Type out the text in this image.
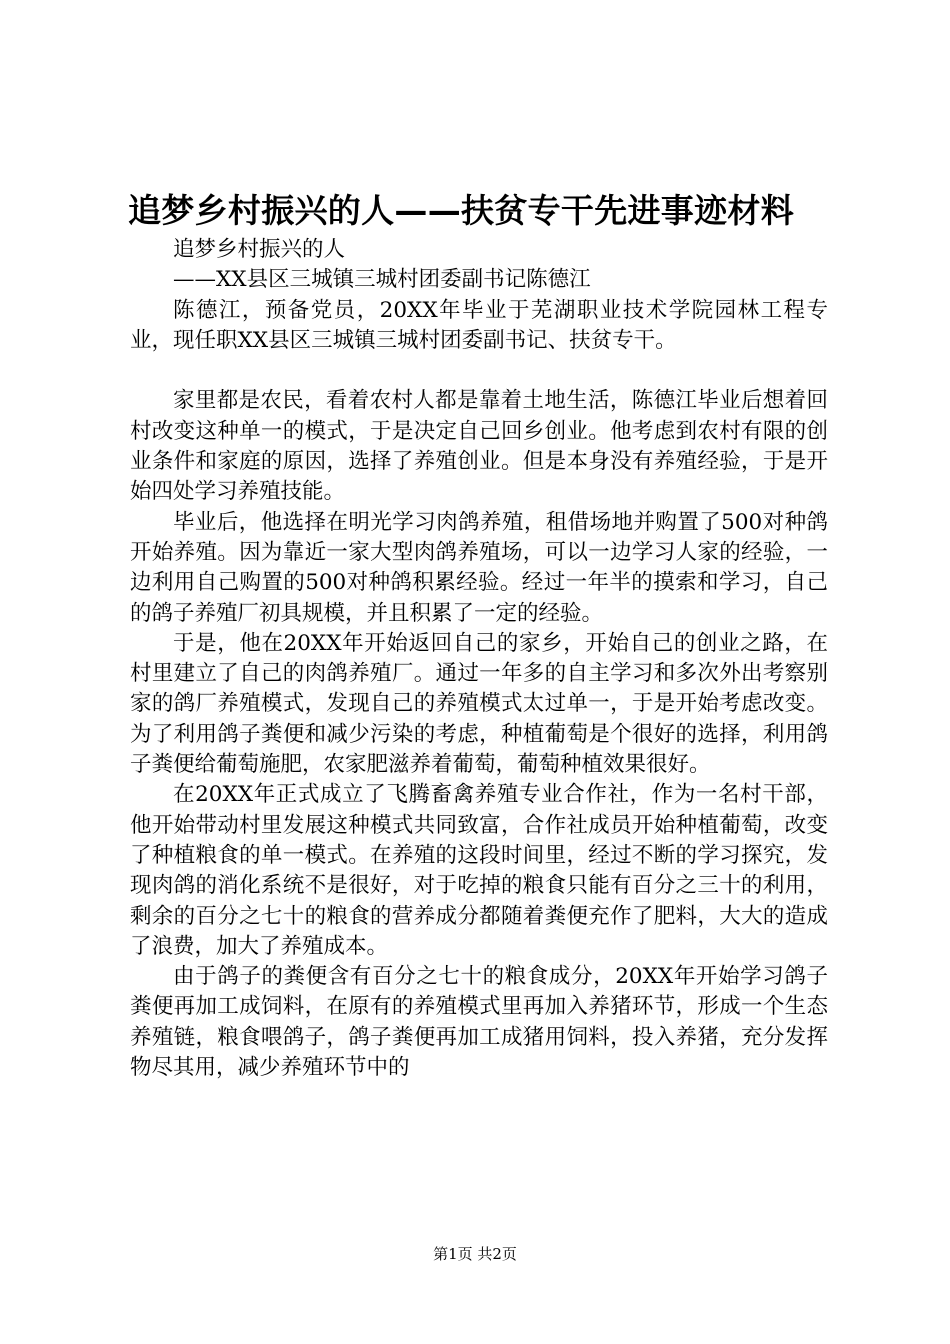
追梦乡村振兴的人——扶贫专干先进事迹材料

追梦乡村振兴的人

——XX县区三城镇三城村团委副书记陈德江

陈德江，预备党员，20XX年毕业于芜湖职业技术学院园林工程专业，现任职XX县区三城镇三城村团委副书记、扶贫专干。

家里都是农民，看着农村人都是靠着土地生活，陈德江毕业后想着回村改变这种单一的模式，于是决定自己回乡创业。他考虑到农村有限的创业条件和家庭的原因，选择了养殖创业。但是本身没有养殖经验，于是开始四处学习养殖技能。

毕业后，他选择在明光学习肉鸽养殖，租借场地并购置了500对种鸽开始养殖。因为靠近一家大型肉鸽养殖场，可以一边学习人家的经验，一边利用自己购置的500对种鸽积累经验。经过一年半的摸索和学习，自己的鸽子养殖厂初具规模，并且积累了一定的经验。

于是，他在20XX年开始返回自己的家乡，开始自己的创业之路，在村里建立了自己的肉鸽养殖厂。通过一年多的自主学习和多次外出考察别家的鸽厂养殖模式，发现自己的养殖模式太过单一，于是开始考虑改变。为了利用鸽子粪便和减少污染的考虑，种植葡萄是个很好的选择，利用鸽子粪便给葡萄施肥，农家肥滋养着葡萄，葡萄种植效果很好。

在20XX年正式成立了飞腾畜禽养殖专业合作社，作为一名村干部，他开始带动村里发展这种模式共同致富，合作社成员开始种植葡萄，改变了种植粮食的单一模式。在养殖的这段时间里，经过不断的学习探究，发现肉鸽的消化系统不是很好，对于吃掉的粮食只能有百分之三十的利用，剩余的百分之七十的粮食的营养成分都随着粪便充作了肥料，大大的造成了浪费，加大了养殖成本。

由于鸽子的粪便含有百分之七十的粮食成分，20XX年开始学习鸽子粪便再加工成饲料，在原有的养殖模式里再加入养猪环节，形成一个生态养殖链，粮食喂鸽子，鸽子粪便再加工成猪用饲料，投入养猪，充分发挥物尽其用，减少养殖环节中的

第1页 共2页
